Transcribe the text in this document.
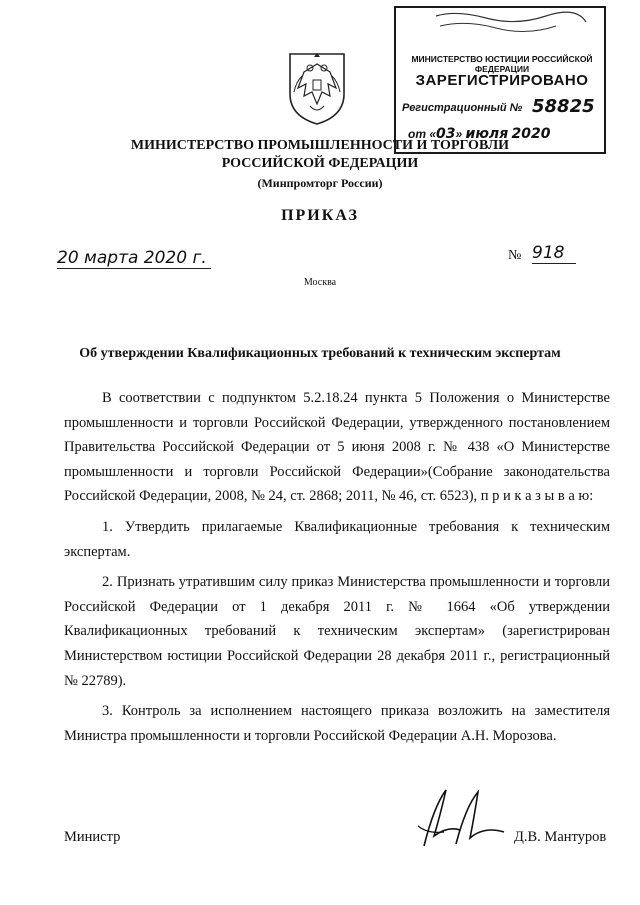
МИНИСТЕРСТВО ЮСТИЦИИ РОССИЙСКОЙ ФЕДЕРАЦИИ
ЗАРЕГИСТРИРОВАНО
Регистрационный № 58825
от «03» июля 2020
МИНИСТЕРСТВО ПРОМЫШЛЕННОСТИ И ТОРГОВЛИ
РОССИЙСКОЙ ФЕДЕРАЦИИ
(Минпромторг России)
ПРИКАЗ
20 марта 2020 г.	№ 918
Москва
Об утверждении Квалификационных требований к техническим экспертам

В соответствии с подпунктом 5.2.18.24 пункта 5 Положения о Министерстве промышленности и торговли Российской Федерации, утвержденного постановлением Правительства Российской Федерации от 5 июня 2008 г. № 438 «О Министерстве промышленности и торговли Российской Федерации»(Собрание законодательства Российской Федерации, 2008, № 24, ст. 2868; 2011, № 46, ст. 6523), п р и к а з ы в а ю:

1. Утвердить прилагаемые Квалификационные требования к техническим экспертам.

2. Признать утратившим силу приказ Министерства промышленности и торговли Российской Федерации от 1 декабря 2011 г. № 1664 «Об утверждении Квалификационных требований к техническим экспертам» (зарегистрирован Министерством юстиции Российской Федерации 28 декабря 2011 г., регистрационный № 22789).

3. Контроль за исполнением настоящего приказа возложить на заместителя Министра промышленности и торговли Российской Федерации А.Н. Морозова.

Министр	Д.В. Мантуров
